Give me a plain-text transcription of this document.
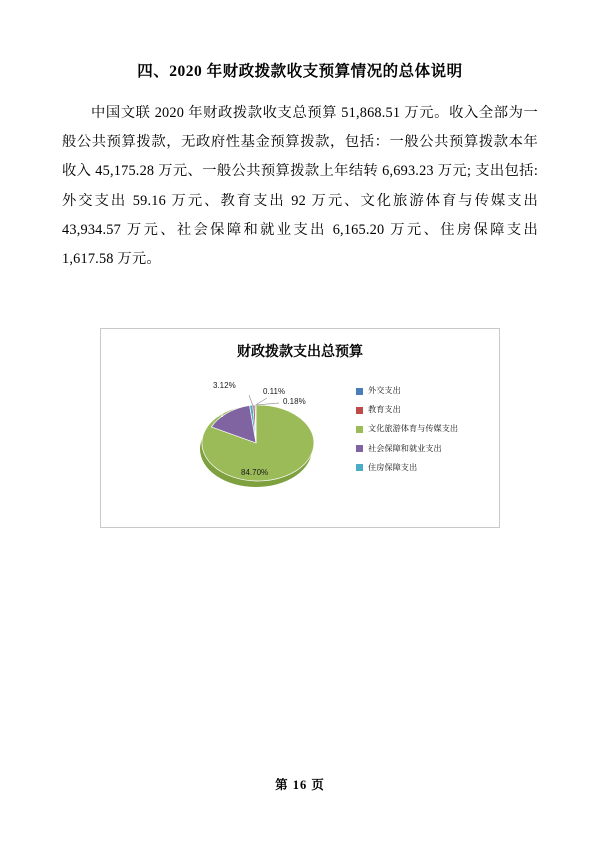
四、2020 年财政拨款收支预算情况的总体说明

中国文联 2020 年财政拨款收支总预算 51,868.51 万元。收入全部为一般公共预算拨款，无政府性基金预算拨款，包括：一般公共预算拨款本年收入 45,175.28 万元、一般公共预算拨款上年结转 6,693.23 万元; 支出包括: 外交支出 59.16 万元、教育支出 92 万元、文化旅游体育与传媒支出 43,934.57 万元、社会保障和就业支出 6,165.20 万元、住房保障支出 1,617.58 万元。

财政拨款支出总预算
3.12%
0.11%
0.18%
11.89%
84.70%
外交支出
教育支出
文化旅游体育与传媒支出
社会保障和就业支出
住房保障支出
第 16 页
